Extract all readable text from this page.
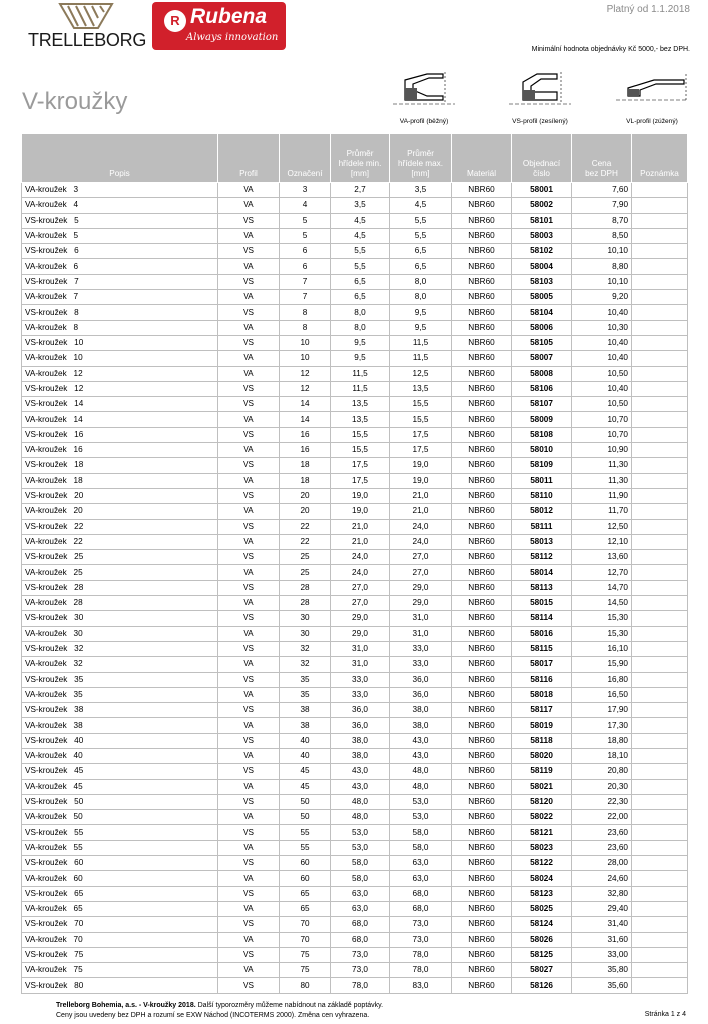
TRELLEBORG
R Rubena
Always innovation
Platný od 1.1.2018
Minimální hodnota objednávky Kč 5000,- bez DPH.
V-kroužky
VA-profil (běžný)	VS-profil (zesílený)	VL-profil (zúžený)
Popis	Profil	Označení	Průměr
hřídele min.
[mm]	Průměr
hřídele max.
[mm]	Materiál	Objednací
číslo	Cena
bez DPH	Poznámka
VA-kroužek 3	VA	3	2,7	3,5	NBR60	58001	7,60	
VA-kroužek 4	VA	4	3,5	4,5	NBR60	58002	7,90	
VS-kroužek 5	VS	5	4,5	5,5	NBR60	58101	8,70	
VA-kroužek 5	VA	5	4,5	5,5	NBR60	58003	8,50	
VS-kroužek 6	VS	6	5,5	6,5	NBR60	58102	10,10	
VA-kroužek 6	VA	6	5,5	6,5	NBR60	58004	8,80	
VS-kroužek 7	VS	7	6,5	8,0	NBR60	58103	10,10	
VA-kroužek 7	VA	7	6,5	8,0	NBR60	58005	9,20	
VS-kroužek 8	VS	8	8,0	9,5	NBR60	58104	10,40	
VA-kroužek 8	VA	8	8,0	9,5	NBR60	58006	10,30	
VS-kroužek 10	VS	10	9,5	11,5	NBR60	58105	10,40	
VA-kroužek 10	VA	10	9,5	11,5	NBR60	58007	10,40	
VA-kroužek 12	VA	12	11,5	12,5	NBR60	58008	10,50	
VS-kroužek 12	VS	12	11,5	13,5	NBR60	58106	10,40	
VS-kroužek 14	VS	14	13,5	15,5	NBR60	58107	10,50	
VA-kroužek 14	VA	14	13,5	15,5	NBR60	58009	10,70	
VS-kroužek 16	VS	16	15,5	17,5	NBR60	58108	10,70	
VA-kroužek 16	VA	16	15,5	17,5	NBR60	58010	10,90	
VS-kroužek 18	VS	18	17,5	19,0	NBR60	58109	11,30	
VA-kroužek 18	VA	18	17,5	19,0	NBR60	58011	11,30	
VS-kroužek 20	VS	20	19,0	21,0	NBR60	58110	11,90	
VA-kroužek 20	VA	20	19,0	21,0	NBR60	58012	11,70	
VS-kroužek 22	VS	22	21,0	24,0	NBR60	58111	12,50	
VA-kroužek 22	VA	22	21,0	24,0	NBR60	58013	12,10	
VS-kroužek 25	VS	25	24,0	27,0	NBR60	58112	13,60	
VA-kroužek 25	VA	25	24,0	27,0	NBR60	58014	12,70	
VS-kroužek 28	VS	28	27,0	29,0	NBR60	58113	14,70	
VA-kroužek 28	VA	28	27,0	29,0	NBR60	58015	14,50	
VS-kroužek 30	VS	30	29,0	31,0	NBR60	58114	15,30	
VA-kroužek 30	VA	30	29,0	31,0	NBR60	58016	15,30	
VS-kroužek 32	VS	32	31,0	33,0	NBR60	58115	16,10	
VA-kroužek 32	VA	32	31,0	33,0	NBR60	58017	15,90	
VS-kroužek 35	VS	35	33,0	36,0	NBR60	58116	16,80	
VA-kroužek 35	VA	35	33,0	36,0	NBR60	58018	16,50	
VS-kroužek 38	VS	38	36,0	38,0	NBR60	58117	17,90	
VA-kroužek 38	VA	38	36,0	38,0	NBR60	58019	17,30	
VS-kroužek 40	VS	40	38,0	43,0	NBR60	58118	18,80	
VA-kroužek 40	VA	40	38,0	43,0	NBR60	58020	18,10	
VS-kroužek 45	VS	45	43,0	48,0	NBR60	58119	20,80	
VA-kroužek 45	VA	45	43,0	48,0	NBR60	58021	20,30	
VS-kroužek 50	VS	50	48,0	53,0	NBR60	58120	22,30	
VA-kroužek 50	VA	50	48,0	53,0	NBR60	58022	22,00	
VS-kroužek 55	VS	55	53,0	58,0	NBR60	58121	23,60	
VA-kroužek 55	VA	55	53,0	58,0	NBR60	58023	23,60	
VS-kroužek 60	VS	60	58,0	63,0	NBR60	58122	28,00	
VA-kroužek 60	VA	60	58,0	63,0	NBR60	58024	24,60	
VS-kroužek 65	VS	65	63,0	68,0	NBR60	58123	32,80	
VA-kroužek 65	VA	65	63,0	68,0	NBR60	58025	29,40	
VS-kroužek 70	VS	70	68,0	73,0	NBR60	58124	31,40	
VA-kroužek 70	VA	70	68,0	73,0	NBR60	58026	31,60	
VS-kroužek 75	VS	75	73,0	78,0	NBR60	58125	33,00	
VA-kroužek 75	VA	75	73,0	78,0	NBR60	58027	35,80	
VS-kroužek 80	VS	80	78,0	83,0	NBR60	58126	35,60	
Trelleborg Bohemia, a.s. - V-kroužky 2018. Další typorozměry můžeme nabídnout na základě poptávky.
Ceny jsou uvedeny bez DPH a rozumí se EXW Náchod (INCOTERMS 2000). Změna cen vyhrazena.	Stránka 1 z 4
